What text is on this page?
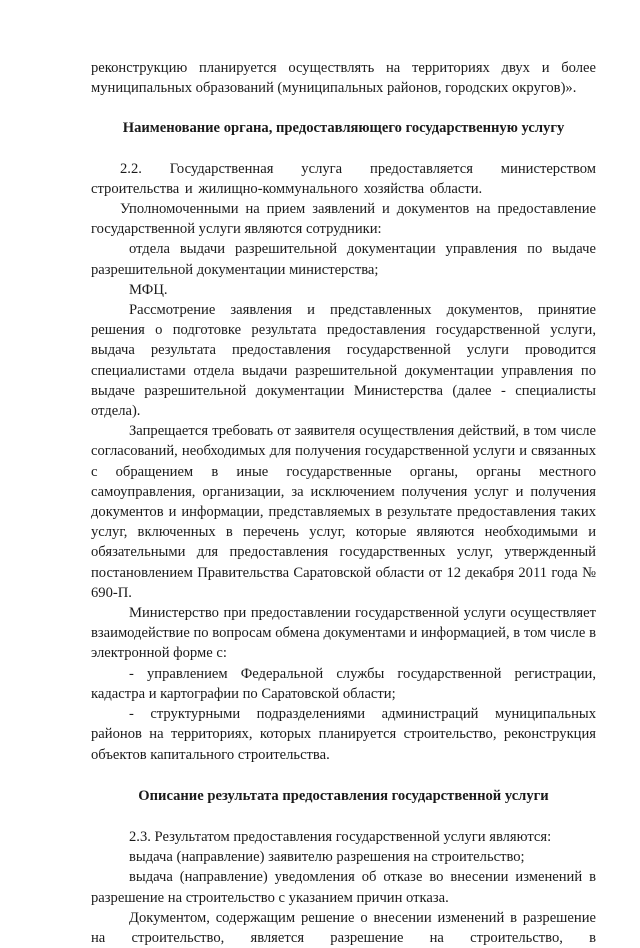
реконструкцию планируется осуществлять на территориях двух и более муниципальных образований (муниципальных районов, городских округов)».

Наименование органа, предоставляющего государственную услугу

2.2. Государственная услуга предоставляется министерством строительства и жилищно-коммунального хозяйства области.

Уполномоченными на прием заявлений и документов на предоставление государственной услуги являются сотрудники:

отдела выдачи разрешительной документации управления по выдаче разрешительной документации министерства;

МФЦ.

Рассмотрение заявления и представленных документов, принятие решения о подготовке результата предоставления государственной услуги, выдача результата предоставления государственной услуги проводится специалистами отдела выдачи разрешительной документации управления по выдаче разрешительной документации Министерства (далее - специалисты отдела).

Запрещается требовать от заявителя осуществления действий, в том числе согласований, необходимых для получения государственной услуги и связанных с обращением в иные государственные органы, органы местного самоуправления, организации, за исключением получения услуг и получения документов и информации, представляемых в результате предоставления таких услуг, включенных в перечень услуг, которые являются необходимыми и обязательными для предоставления государственных услуг, утвержденный постановлением Правительства Саратовской области от 12 декабря 2011 года № 690-П.

Министерство при предоставлении государственной услуги осуществляет взаимодействие по вопросам обмена документами и информацией, в том числе в электронной форме с:

- управлением Федеральной службы государственной регистрации, кадастра и картографии по Саратовской области;

- структурными подразделениями администраций муниципальных районов на территориях, которых планируется строительство, реконструкция объектов капитального строительства.

Описание результата предоставления государственной услуги

2.3. Результатом предоставления государственной услуги являются:

выдача (направление) заявителю разрешения на строительство;

выдача (направление) уведомления об отказе во внесении изменений в разрешение на строительство с указанием причин отказа.

Документом, содержащим решение о внесении изменений в разрешение на строительство, является разрешение на строительство, в
